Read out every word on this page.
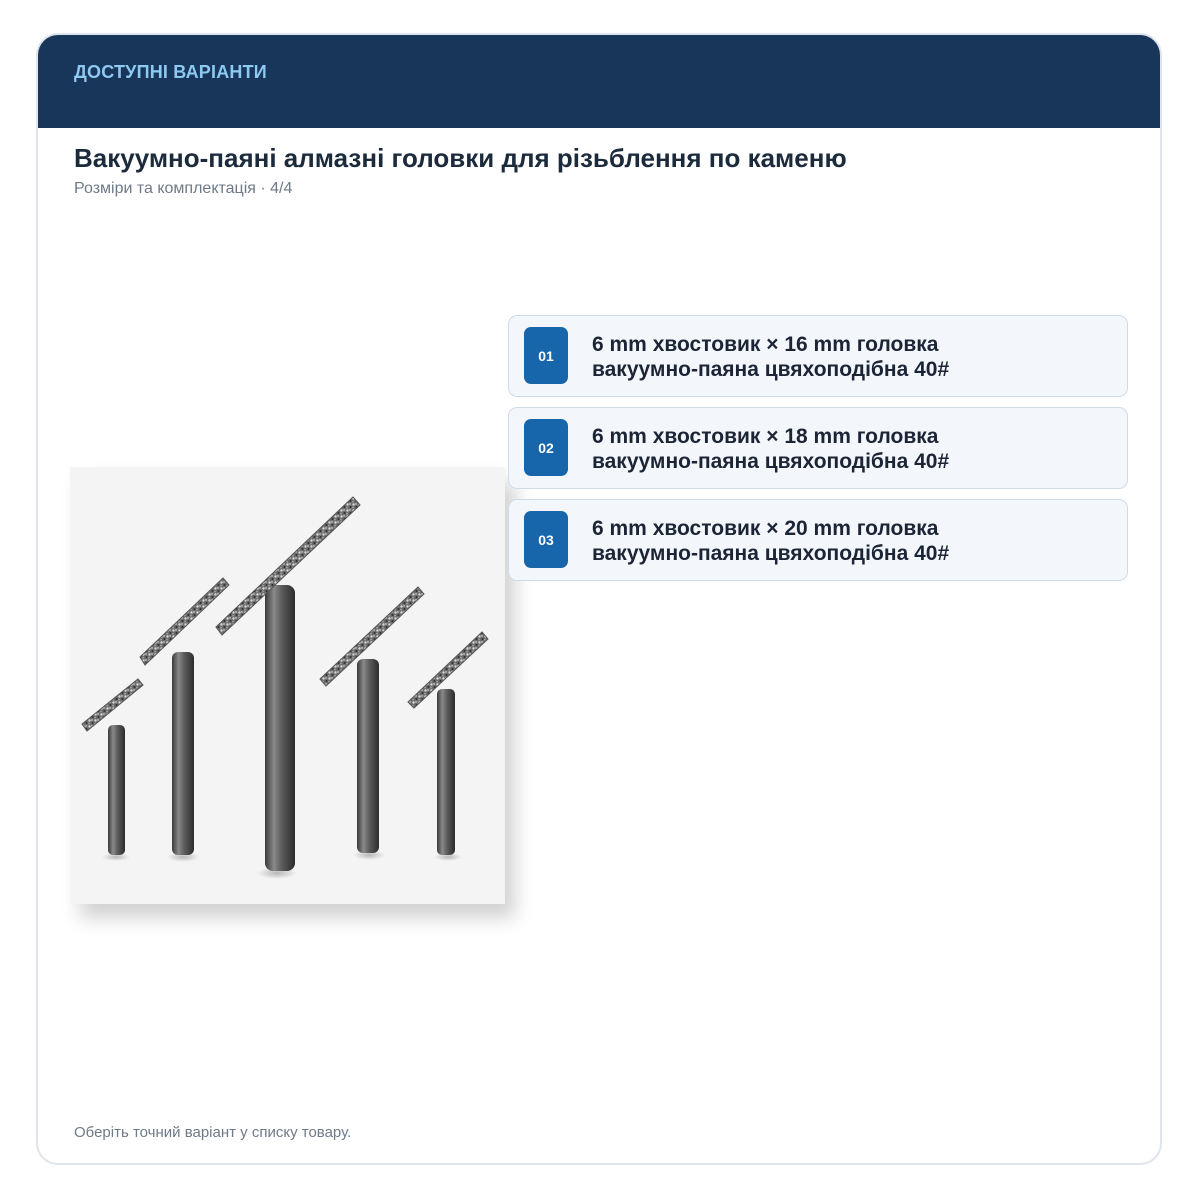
ДОСТУПНІ ВАРІАНТИ
Вакуумно-паяні алмазні головки для різьблення по каменю
Розміри та комплектація · 4/4
01	6 mm хвостовик × 16 mm головка
вакуумно-паяна цвяхоподібна 40#
02	6 mm хвостовик × 18 mm головка
вакуумно-паяна цвяхоподібна 40#
03	6 mm хвостовик × 20 mm головка
вакуумно-паяна цвяхоподібна 40#
Оберіть точний варіант у списку товару.
